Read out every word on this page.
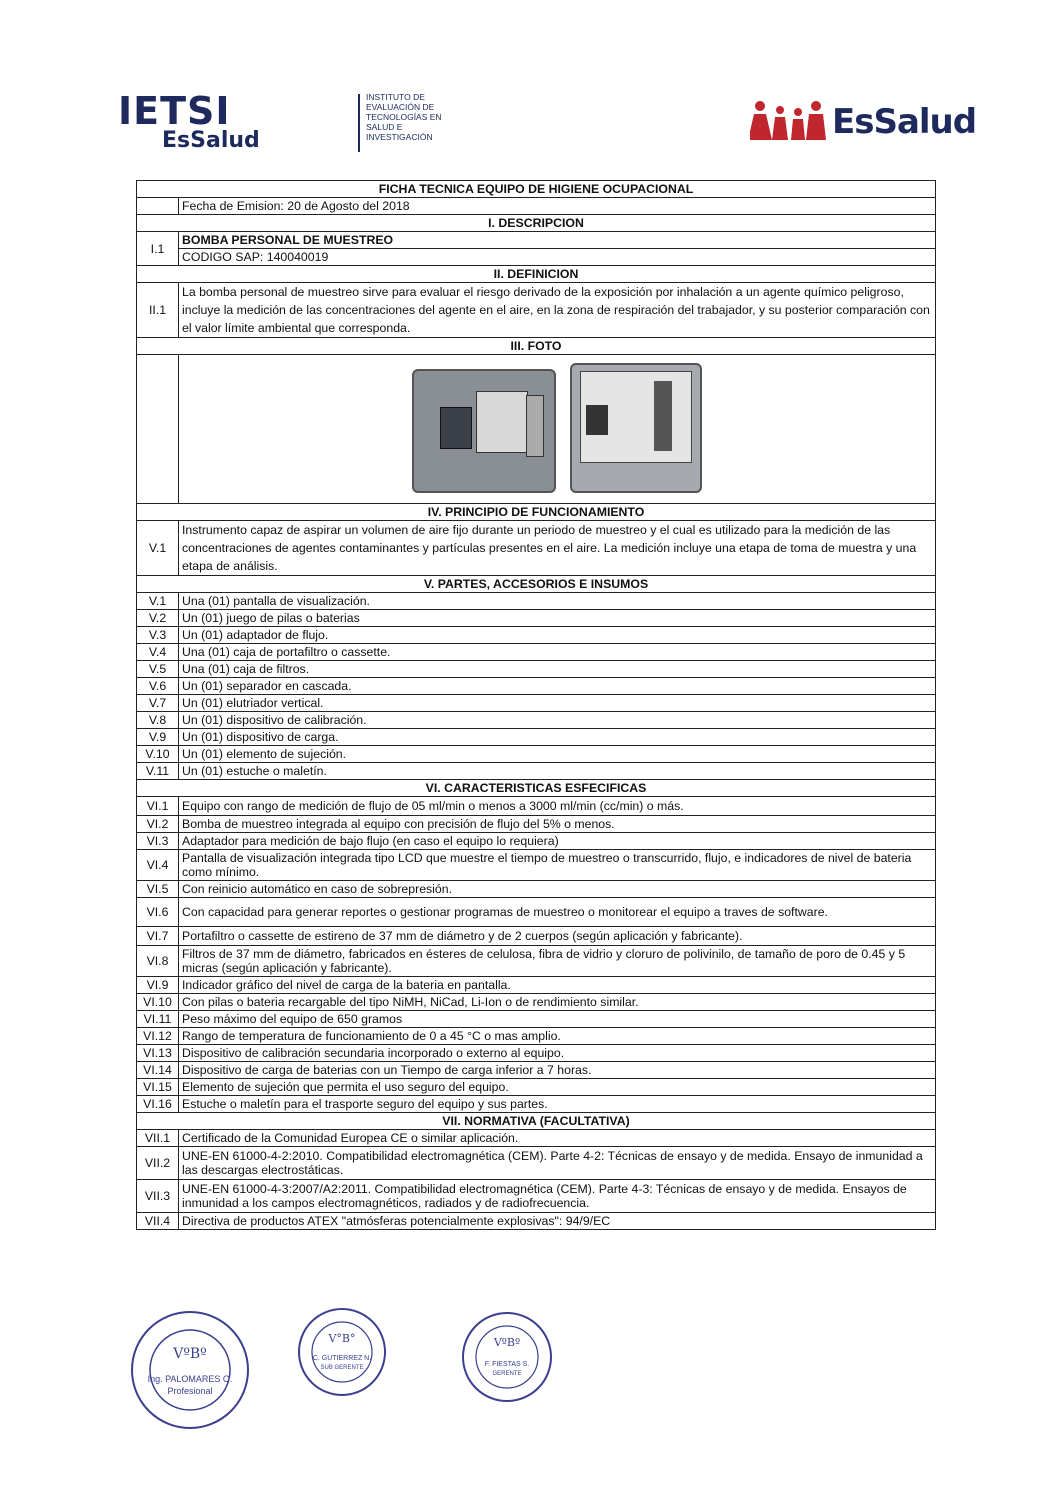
IETSI
EsSalud
INSTITUTO DE EVALUACIÓN DE TECNOLOGÍAS EN SALUD E INVESTIGACIÓN	EsSalud
FICHA TECNICA EQUIPO DE HIGIENE OCUPACIONAL	
	Fecha de Emision: 20 de Agosto del 2018
I. DESCRIPCION	
I.1	BOMBA PERSONAL DE MUESTREO
	CODIGO SAP: 140040019
II. DEFINICION	
II.1	La bomba personal de muestreo sirve para evaluar el riesgo derivado de la exposición por inhalación a un agente químico peligroso, incluye la medición de las concentraciones del agente en el aire, en la zona de respiración del trabajador, y su posterior comparación con el valor límite ambiental que corresponda.
III. FOTO	

IV. PRINCIPIO DE FUNCIONAMIENTO	
V.1	Instrumento capaz de aspirar un volumen de aire fijo durante un periodo de muestreo y el cual es utilizado para la medición de las concentraciones de agentes contaminantes y partículas presentes en el aire. La medición incluye una etapa de toma de muestra y una etapa de análisis.
V. PARTES, ACCESORIOS E INSUMOS	
V.1	Una (01) pantalla de visualización.
V.2	Un (01) juego de pilas o baterias
V.3	Un (01) adaptador de flujo.
V.4	Una (01) caja de portafiltro o cassette.
V.5	Una (01) caja de filtros.
V.6	Un (01) separador en cascada.
V.7	Un (01) elutriador vertical.
V.8	Un (01) dispositivo de calibración.
V.9	Un (01) dispositivo de carga.
V.10	Un (01) elemento de sujeción.
V.11	Un (01) estuche o maletín.
VI. CARACTERISTICAS ESFECIFICAS	
VI.1	Equipo con rango de medición de flujo de 05 ml/min o menos a 3000 ml/min (cc/min) o más.
VI.2	Bomba de muestreo integrada al equipo con precisión de flujo del 5% o menos.
VI.3	Adaptador para medición de bajo flujo (en caso el equipo lo requiera)
VI.4	Pantalla de visualización integrada tipo LCD que muestre el tiempo de muestreo o transcurrido, flujo, e indicadores de nivel de bateria como mínimo.
VI.5	Con reinicio automático en caso de sobrepresión.
VI.6	Con capacidad para generar reportes o gestionar programas de muestreo o monitorear el equipo a traves de software.
VI.7	Portafiltro o cassette de estireno de 37 mm de diámetro y de 2 cuerpos (según aplicación y fabricante).
VI.8	Filtros de 37 mm de diámetro, fabricados en ésteres de celulosa, fibra de vidrio y cloruro de polivinilo, de tamaño de poro de 0.45 y 5 micras (según aplicación y fabricante).
VI.9	Indicador gráfico del nivel de carga de la bateria en pantalla.
VI.10	Con pilas o bateria recargable del tipo NiMH, NiCad, Li-Ion o de rendimiento similar.
VI.11	Peso máximo del equipo de 650 gramos
VI.12	Rango de temperatura de funcionamiento de 0 a 45 °C o mas amplio.
VI.13	Dispositivo de calibración secundaria incorporado o externo al equipo.
VI.14	Dispositivo de carga de baterias con un Tiempo de carga inferior a 7 horas.
VI.15	Elemento de sujeción que permita el uso seguro del equipo.
VI.16	Estuche o maletín para el trasporte seguro del equipo y sus partes.
VII. NORMATIVA (FACULTATIVA)	
VII.1	Certificado de la Comunidad Europea CE o similar aplicación.
VII.2	UNE-EN 61000-4-2:2010. Compatibilidad electromagnética (CEM). Parte 4-2: Técnicas de ensayo y de medida. Ensayo de inmunidad a las descargas electrostáticas.
VII.3	UNE-EN 61000-4-3:2007/A2:2011. Compatibilidad electromagnética (CEM). Parte 4-3: Técnicas de ensayo y de medida. Ensayos de inmunidad a los campos electromagnéticos, radiados y de radiofrecuencia.
VII.4	Directiva de productos ATEX "atmósferas potencialmente explosivas": 94/9/EC
VºBº
Ing. PALOMARES O.
Profesional
V°B°
C. GUTIERREZ N.
SUB GERENTE
VºBº
F. FIESTAS S.
GERENTE
